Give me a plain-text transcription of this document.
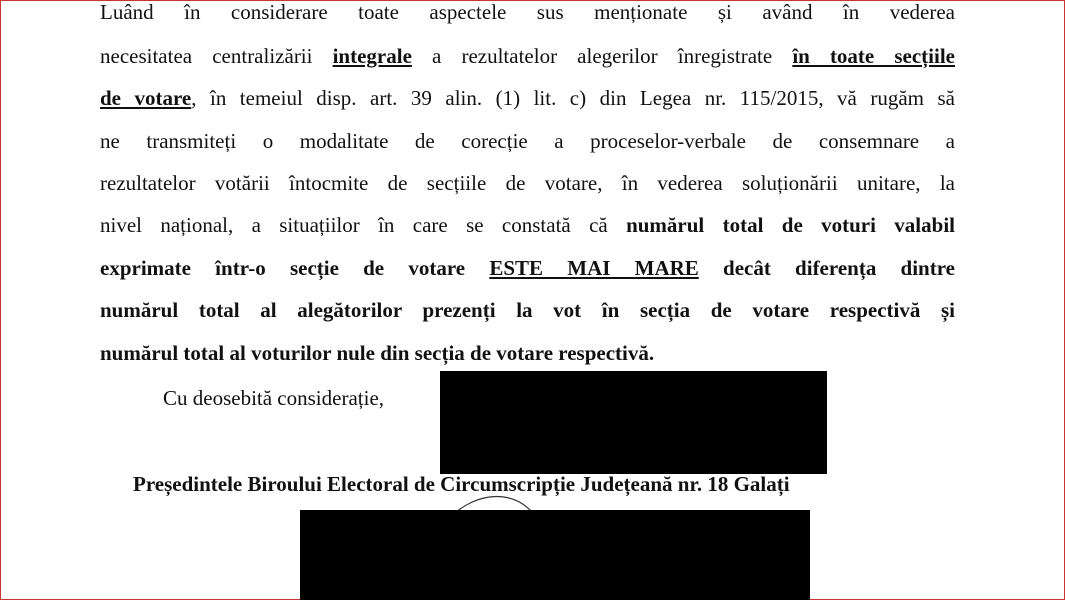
Luând în considerare toate aspectele sus menționate și având în vederea
necesitatea centralizării integrale a rezultatelor alegerilor înregistrate în toate secțiile
de votare, în temeiul disp. art. 39 alin. (1) lit. c) din Legea nr. 115/2015, vă rugăm să
ne transmiteți o modalitate de corecție a proceselor-verbale de consemnare a
rezultatelor votării întocmite de secțiile de votare, în vederea soluționării unitare, la
nivel național, a situațiilor în care se constată că numărul total de voturi valabil
exprimate într-o secție de votare ESTE MAI MARE decât diferența dintre
numărul total al alegătorilor prezenți la vot în secția de votare respectivă și
numărul total al voturilor nule din secția de votare respectivă.
Cu deosebită considerație,
Președintele Biroului Electoral de Circumscripție Județeană nr. 18 Galați
